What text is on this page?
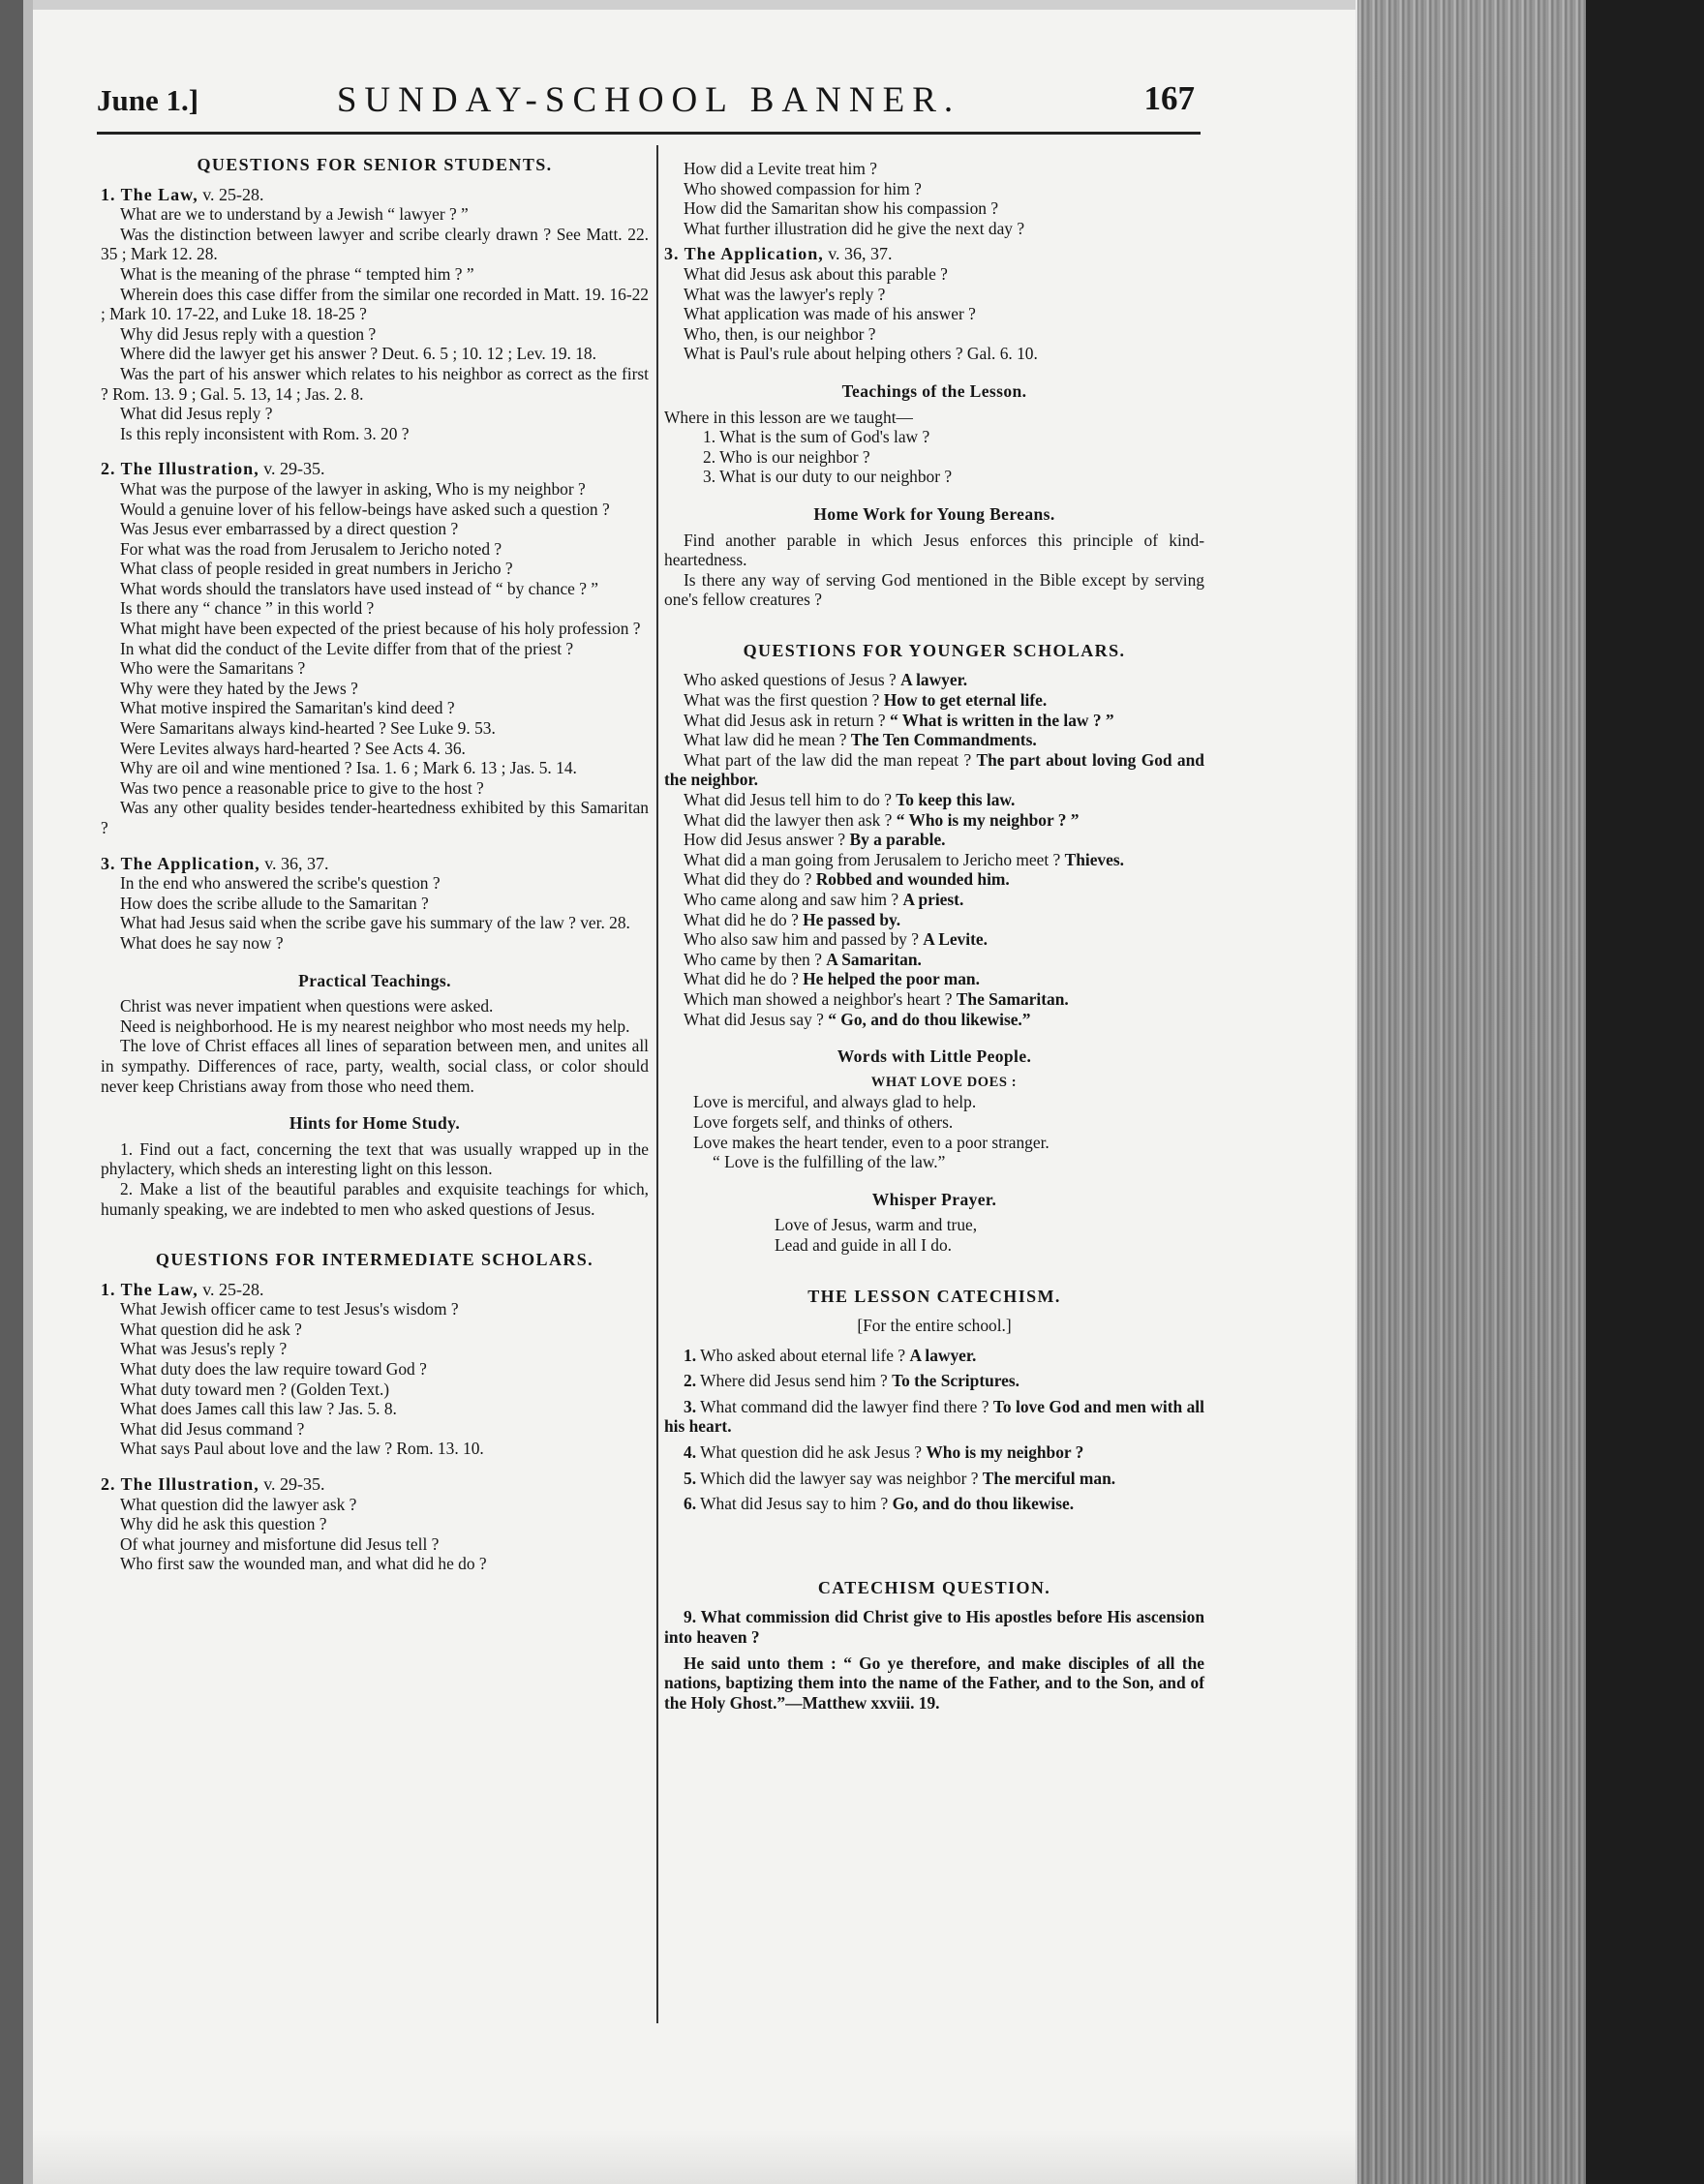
June 1.]	SUNDAY-SCHOOL BANNER.	167
QUESTIONS FOR SENIOR STUDENTS.

1. The Law, v. 25-28.

What are we to understand by a Jewish “ lawyer ? ”

Was the distinction between lawyer and scribe clearly drawn ? See Matt. 22. 35 ; Mark 12. 28.

What is the meaning of the phrase “ tempted him ? ”

Wherein does this case differ from the similar one recorded in Matt. 19. 16-22 ; Mark 10. 17-22, and Luke 18. 18-25 ?

Why did Jesus reply with a question ?

Where did the lawyer get his answer ? Deut. 6. 5 ; 10. 12 ; Lev. 19. 18.

Was the part of his answer which relates to his neighbor as correct as the first ? Rom. 13. 9 ; Gal. 5. 13, 14 ; Jas. 2. 8.

What did Jesus reply ?

Is this reply inconsistent with Rom. 3. 20 ?

2. The Illustration, v. 29-35.

What was the purpose of the lawyer in asking, Who is my neighbor ?

Would a genuine lover of his fellow-beings have asked such a question ?

Was Jesus ever embarrassed by a direct question ?

For what was the road from Jerusalem to Jericho noted ?

What class of people resided in great numbers in Jericho ?

What words should the translators have used instead of “ by chance ? ”

Is there any “ chance ” in this world ?

What might have been expected of the priest because of his holy profession ?

In what did the conduct of the Levite differ from that of the priest ?

Who were the Samaritans ?

Why were they hated by the Jews ?

What motive inspired the Samaritan's kind deed ?

Were Samaritans always kind-hearted ? See Luke 9. 53.

Were Levites always hard-hearted ? See Acts 4. 36.

Why are oil and wine mentioned ? Isa. 1. 6 ; Mark 6. 13 ; Jas. 5. 14.

Was two pence a reasonable price to give to the host ?

Was any other quality besides tender-heartedness exhibited by this Samaritan ?

3. The Application, v. 36, 37.

In the end who answered the scribe's question ?

How does the scribe allude to the Samaritan ?

What had Jesus said when the scribe gave his summary of the law ? ver. 28.

What does he say now ?

Practical Teachings.

Christ was never impatient when questions were asked.

Need is neighborhood. He is my nearest neighbor who most needs my help.

The love of Christ effaces all lines of separation between men, and unites all in sympathy. Differences of race, party, wealth, social class, or color should never keep Christians away from those who need them.

Hints for Home Study.

1. Find out a fact, concerning the text that was usually wrapped up in the phylactery, which sheds an interesting light on this lesson.

2. Make a list of the beautiful parables and exquisite teachings for which, humanly speaking, we are indebted to men who asked questions of Jesus.

QUESTIONS FOR INTERMEDIATE SCHOLARS.

1. The Law, v. 25-28.

What Jewish officer came to test Jesus's wisdom ?

What question did he ask ?

What was Jesus's reply ?

What duty does the law require toward God ?

What duty toward men ? (Golden Text.)

What does James call this law ? Jas. 5. 8.

What did Jesus command ?

What says Paul about love and the law ? Rom. 13. 10.

2. The Illustration, v. 29-35.

What question did the lawyer ask ?

Why did he ask this question ?

Of what journey and misfortune did Jesus tell ?

Who first saw the wounded man, and what did he do ?

How did a Levite treat him ?

Who showed compassion for him ?

How did the Samaritan show his compassion ?

What further illustration did he give the next day ?

3. The Application, v. 36, 37.

What did Jesus ask about this parable ?

What was the lawyer's reply ?

What application was made of his answer ?

Who, then, is our neighbor ?

What is Paul's rule about helping others ? Gal. 6. 10.

Teachings of the Lesson.

Where in this lesson are we taught—

1. What is the sum of God's law ?

2. Who is our neighbor ?

3. What is our duty to our neighbor ?

Home Work for Young Bereans.

Find another parable in which Jesus enforces this principle of kind-heartedness.

Is there any way of serving God mentioned in the Bible except by serving one's fellow creatures ?

QUESTIONS FOR YOUNGER SCHOLARS.

Who asked questions of Jesus ? A lawyer.

What was the first question ? How to get eternal life.

What did Jesus ask in return ? “ What is written in the law ? ”

What law did he mean ? The Ten Commandments.

What part of the law did the man repeat ? The part about loving God and the neighbor.

What did Jesus tell him to do ? To keep this law.

What did the lawyer then ask ? “ Who is my neighbor ? ”

How did Jesus answer ? By a parable.

What did a man going from Jerusalem to Jericho meet ? Thieves.

What did they do ? Robbed and wounded him.

Who came along and saw him ? A priest.

What did he do ? He passed by.

Who also saw him and passed by ? A Levite.

Who came by then ? A Samaritan.

What did he do ? He helped the poor man.

Which man showed a neighbor's heart ? The Samaritan.

What did Jesus say ? “ Go, and do thou likewise.”

Words with Little People.

WHAT LOVE DOES :

Love is merciful, and always glad to help.

Love forgets self, and thinks of others.

Love makes the heart tender, even to a poor stranger.

“ Love is the fulfilling of the law.”

Whisper Prayer.

Love of Jesus, warm and true,

Lead and guide in all I do.

THE LESSON CATECHISM.

[For the entire school.]

1. Who asked about eternal life ? A lawyer.

2. Where did Jesus send him ? To the Scriptures.

3. What command did the lawyer find there ? To love God and men with all his heart.

4. What question did he ask Jesus ? Who is my neighbor ?

5. Which did the lawyer say was neighbor ? The merciful man.

6. What did Jesus say to him ? Go, and do thou likewise.

CATECHISM QUESTION.

9. What commission did Christ give to His apostles before His ascension into heaven ?

He said unto them : “ Go ye therefore, and make disciples of all the nations, baptizing them into the name of the Father, and to the Son, and of the Holy Ghost.”—Matthew xxviii. 19.
